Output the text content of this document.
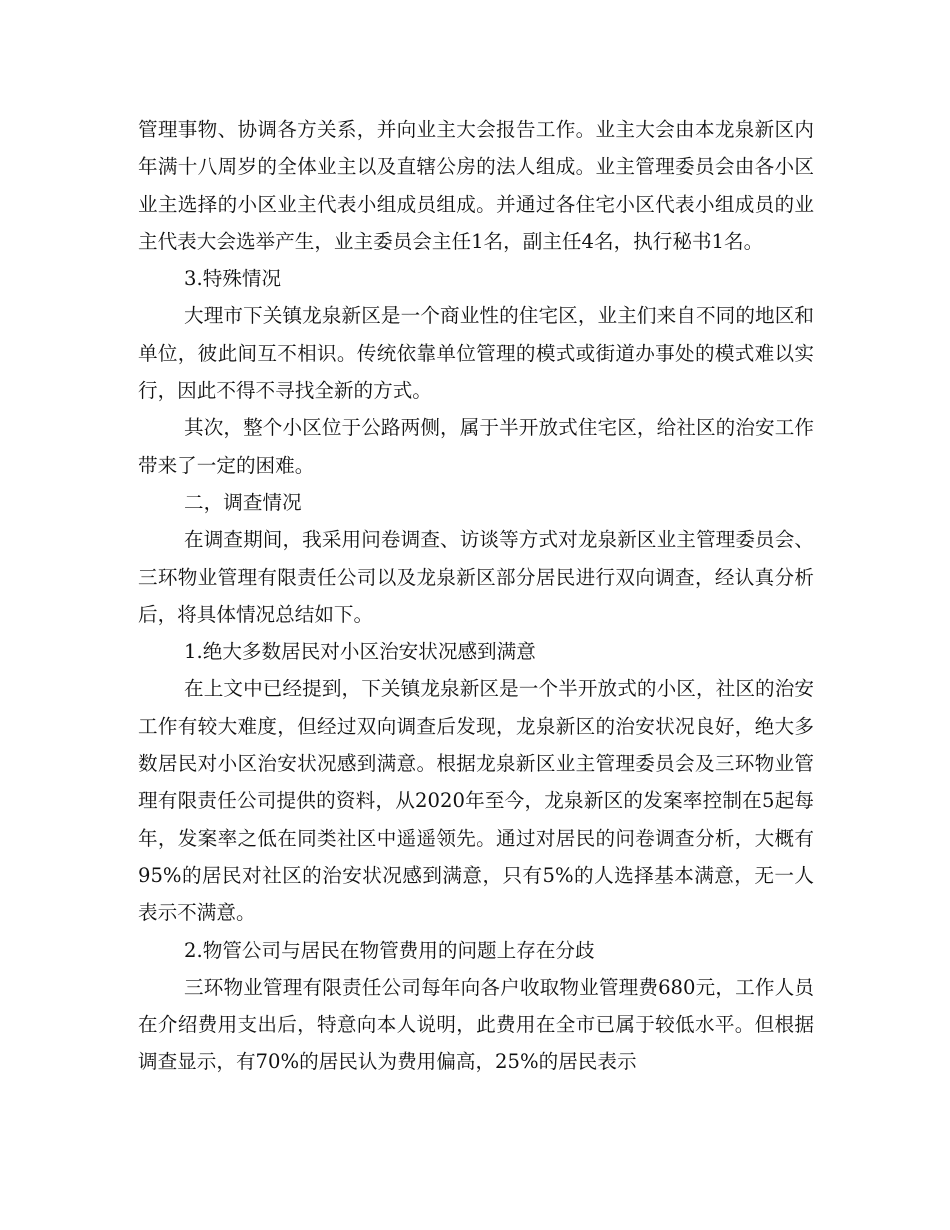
管理事物、协调各方关系，并向业主大会报告工作。业主大会由本龙泉新区内年满十八周岁的全体业主以及直辖公房的法人组成。业主管理委员会由各小区业主选择的小区业主代表小组成员组成。并通过各住宅小区代表小组成员的业主代表大会选举产生，业主委员会主任1名，副主任4名，执行秘书1名。

3.特殊情况

大理市下关镇龙泉新区是一个商业性的住宅区，业主们来自不同的地区和单位，彼此间互不相识。传统依靠单位管理的模式或街道办事处的模式难以实行，因此不得不寻找全新的方式。

其次，整个小区位于公路两侧，属于半开放式住宅区，给社区的治安工作带来了一定的困难。

二，调查情况

在调查期间，我采用问卷调查、访谈等方式对龙泉新区业主管理委员会、三环物业管理有限责任公司以及龙泉新区部分居民进行双向调查，经认真分析后，将具体情况总结如下。

1.绝大多数居民对小区治安状况感到满意

在上文中已经提到，下关镇龙泉新区是一个半开放式的小区，社区的治安工作有较大难度，但经过双向调查后发现，龙泉新区的治安状况良好，绝大多数居民对小区治安状况感到满意。根据龙泉新区业主管理委员会及三环物业管理有限责任公司提供的资料，从2020年至今，龙泉新区的发案率控制在5起每年，发案率之低在同类社区中遥遥领先。通过对居民的问卷调查分析，大概有95%的居民对社区的治安状况感到满意，只有5%的人选择基本满意，无一人表示不满意。

2.物管公司与居民在物管费用的问题上存在分歧

三环物业管理有限责任公司每年向各户收取物业管理费680元，工作人员在介绍费用支出后，特意向本人说明，此费用在全市已属于较低水平。但根据调查显示，有70%的居民认为费用偏高，25%的居民表示
